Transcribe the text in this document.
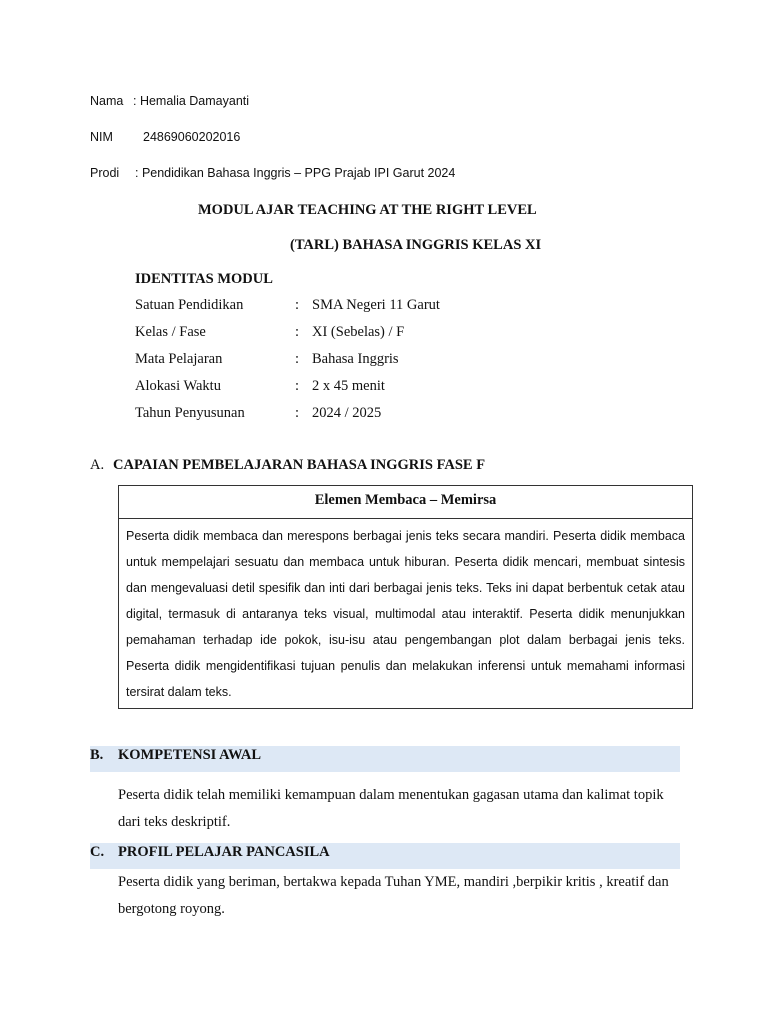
Nama : Hemalia Damayanti
NIM 24869060202016
Prodi : Pendidikan Bahasa Inggris – PPG Prajab IPI Garut 2024
MODUL AJAR TEACHING AT THE RIGHT LEVEL
(TARL) BAHASA INGGRIS KELAS XI
IDENTITAS MODUL
Satuan Pendidikan	: SMA Negeri 11 Garut
Kelas / Fase	: XI (Sebelas) / F
Mata Pelajaran	: Bahasa Inggris
Alokasi Waktu	: 2 x 45 menit
Tahun Penyusunan	: 2024 / 2025
A. CAPAIAN PEMBELAJARAN BAHASA INGGRIS FASE F
Elemen Membaca – Memirsa
Peserta didik membaca dan merespons berbagai jenis teks secara mandiri. Peserta didik membaca untuk mempelajari sesuatu dan membaca untuk hiburan. Peserta didik mencari, membuat sintesis dan mengevaluasi detil spesifik dan inti dari berbagai jenis teks. Teks ini dapat berbentuk cetak atau digital, termasuk di antaranya teks visual, multimodal atau interaktif. Peserta didik menunjukkan pemahaman terhadap ide pokok, isu-isu atau pengembangan plot dalam berbagai jenis teks. Peserta didik mengidentifikasi tujuan penulis dan melakukan inferensi untuk memahami informasi tersirat dalam teks.
B. KOMPETENSI AWAL
Peserta didik telah memiliki kemampuan dalam menentukan gagasan utama dan kalimat topik dari teks deskriptif.
C. PROFIL PELAJAR PANCASILA
Peserta didik yang beriman, bertakwa kepada Tuhan YME, mandiri ,berpikir kritis , kreatif dan bergotong royong.
